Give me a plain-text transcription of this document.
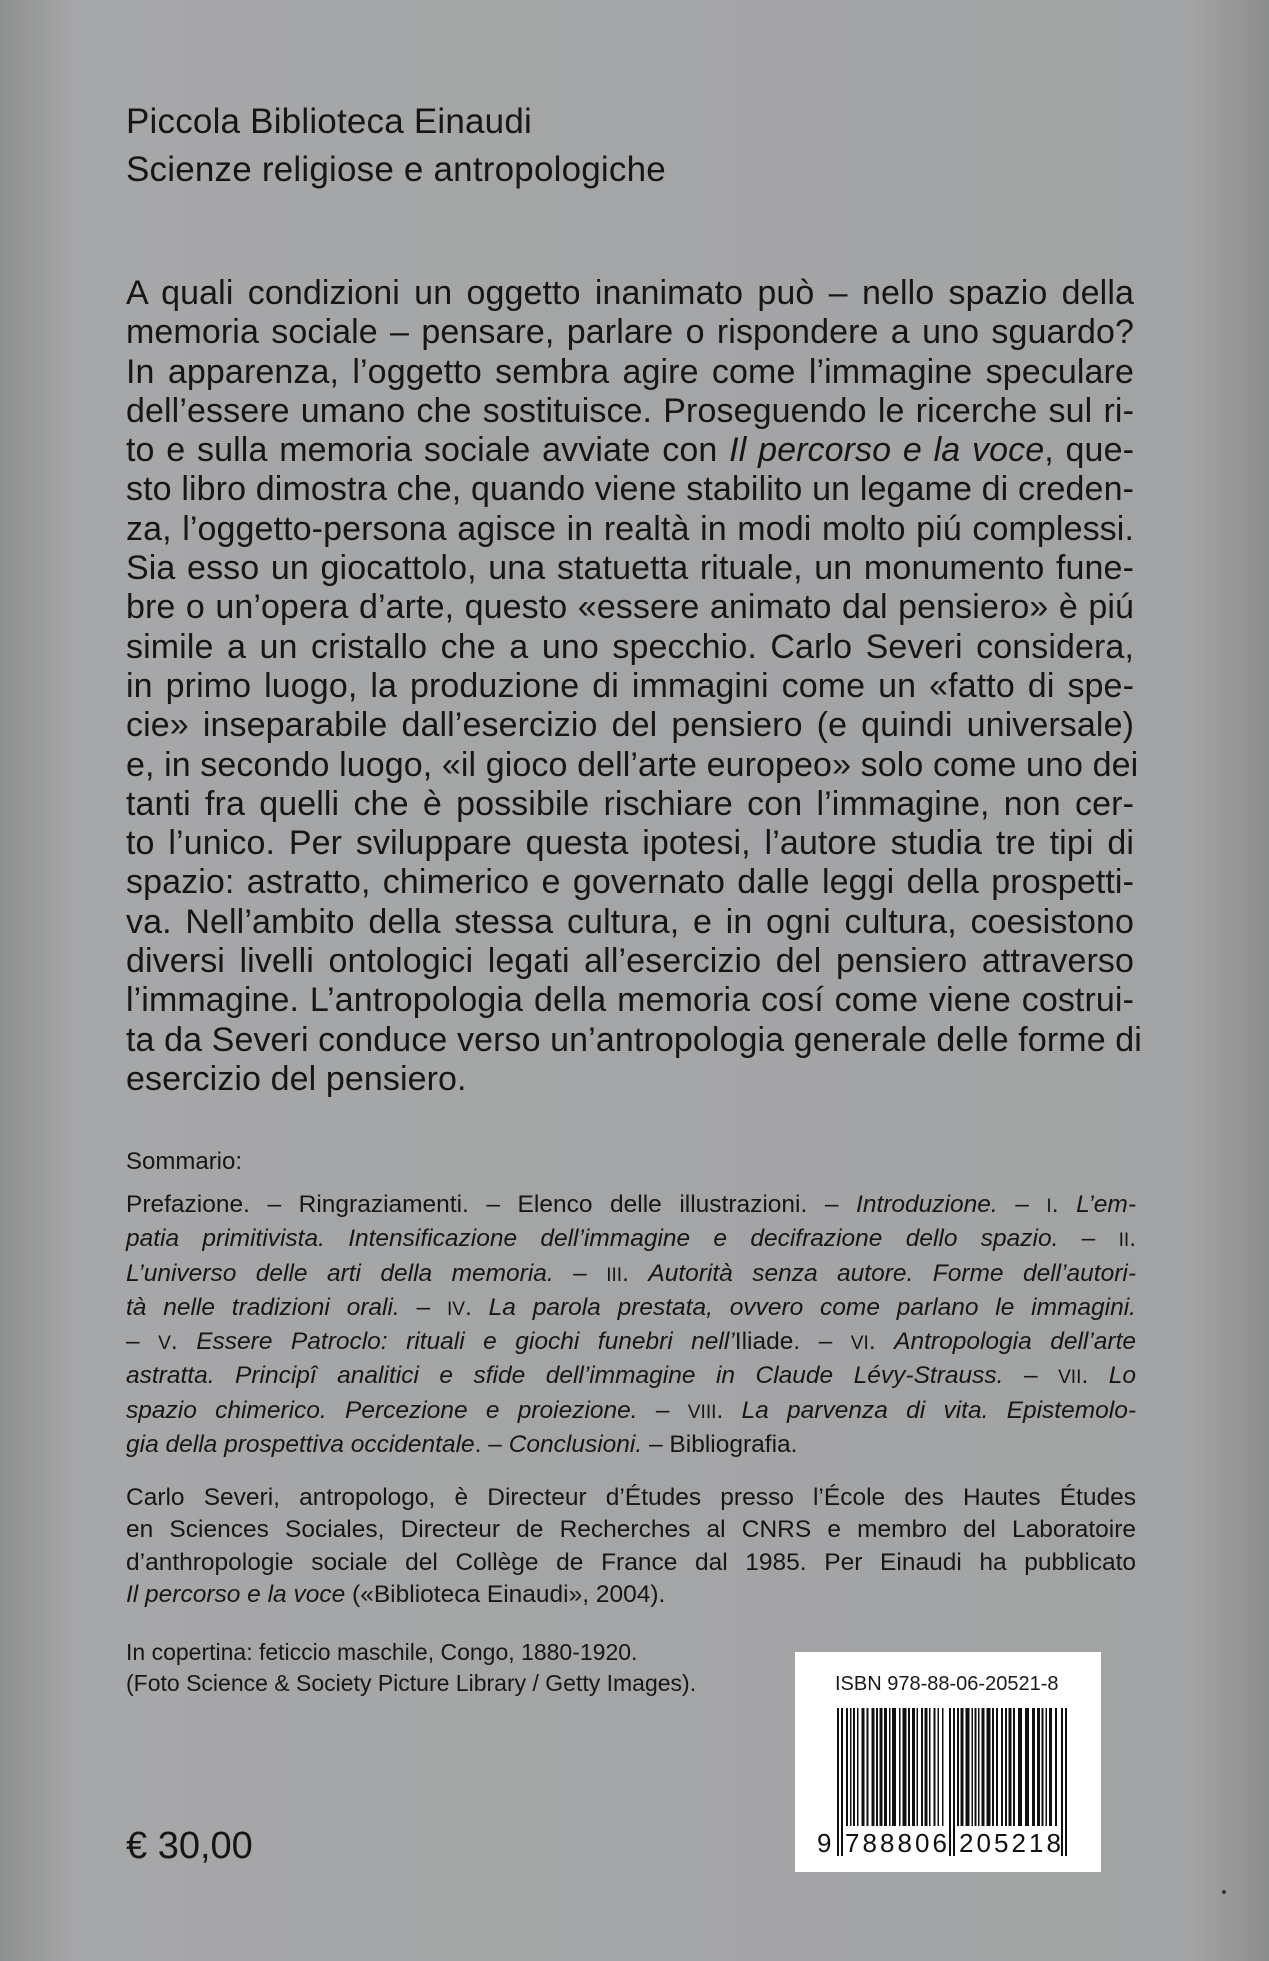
Piccola Biblioteca Einaudi
Scienze religiose e antropologiche
A quali condizioni un oggetto inanimato può – nello spazio della
memoria sociale – pensare, parlare o rispondere a uno sguardo?
In apparenza, l’oggetto sembra agire come l’immagine speculare
dell’essere umano che sostituisce. Proseguendo le ricerche sul ri-
to e sulla memoria sociale avviate con Il percorso e la voce, que-
sto libro dimostra che, quando viene stabilito un legame di creden-
za, l’oggetto-persona agisce in realtà in modi molto piú complessi.
Sia esso un giocattolo, una statuetta rituale, un monumento fune-
bre o un’opera d’arte, questo «essere animato dal pensiero» è piú
simile a un cristallo che a uno specchio. Carlo Severi considera,
in primo luogo, la produzione di immagini come un «fatto di spe-
cie» inseparabile dall’esercizio del pensiero (e quindi universale)
e, in secondo luogo, «il gioco dell’arte europeo» solo come uno dei
tanti fra quelli che è possibile rischiare con l’immagine, non cer-
to l’unico. Per sviluppare questa ipotesi, l’autore studia tre tipi di
spazio: astratto, chimerico e governato dalle leggi della prospetti-
va. Nell’ambito della stessa cultura, e in ogni cultura, coesistono
diversi livelli ontologici legati all’esercizio del pensiero attraverso
l’immagine. L’antropologia della memoria cosí come viene costrui-
ta da Severi conduce verso un’antropologia generale delle forme di
esercizio del pensiero.
Sommario:
Prefazione. – Ringraziamenti. – Elenco delle illustrazioni. – Introduzione. – I. L’em-
patia primitivista. Intensificazione dell’immagine e decifrazione dello spazio. – II.
L’universo delle arti della memoria. – III. Autorità senza autore. Forme dell’autori-
tà nelle tradizioni orali. – IV. La parola prestata, ovvero come parlano le immagini.
– V. Essere Patroclo: rituali e giochi funebri nell’Iliade. – VI. Antropologia dell’arte
astratta. Principî analitici e sfide dell’immagine in Claude Lévy-Strauss. – VII. Lo
spazio chimerico. Percezione e proiezione. – VIII. La parvenza di vita. Epistemolo-
gia della prospettiva occidentale. – Conclusioni. – Bibliografia.
Carlo Severi, antropologo, è Directeur d’Études presso l’École des Hautes Études
en Sciences Sociales, Directeur de Recherches al CNRS e membro del Laboratoire
d’anthropologie sociale del Collège de France dal 1985. Per Einaudi ha pubblicato
Il percorso e la voce («Biblioteca Einaudi», 2004).
In copertina: feticcio maschile, Congo, 1880-1920.
(Foto Science & Society Picture Library / Getty Images).
€ 30,00
ISBN 978-88-06-20521-8
9 788806 205218
